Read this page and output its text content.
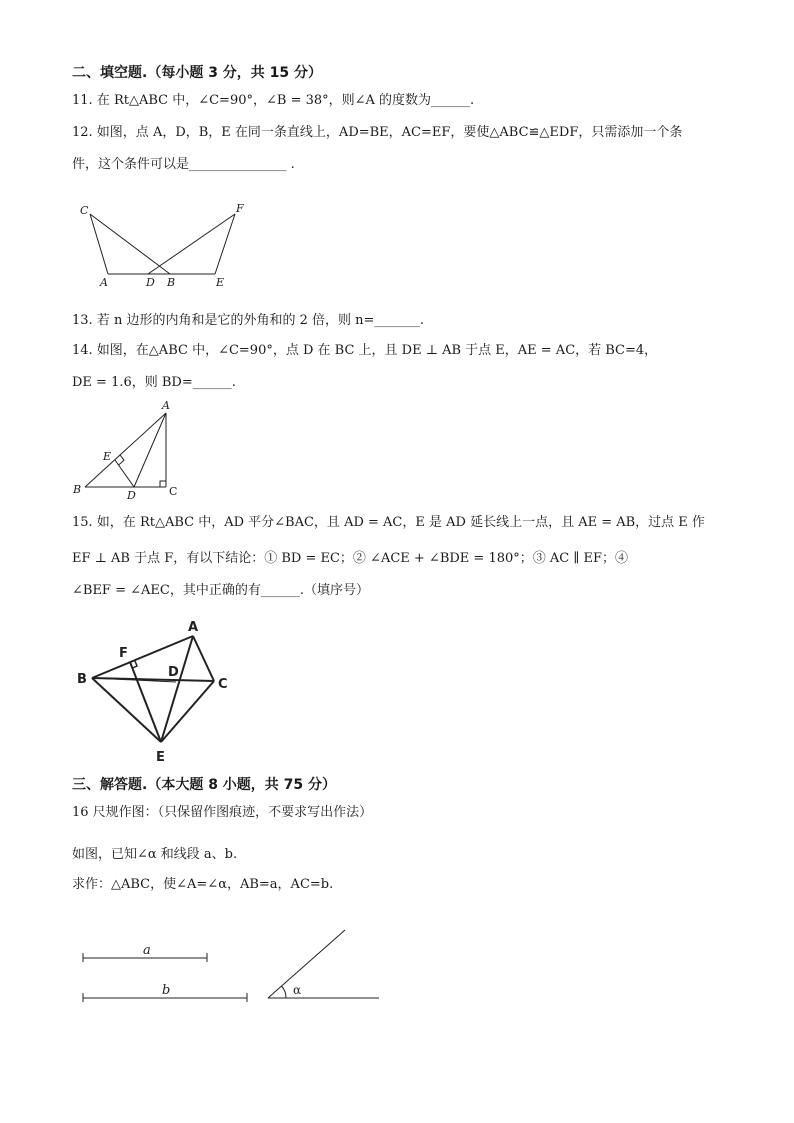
二、填空题.（每小题 3 分，共 15 分）
11. 在 Rt△ABC 中，∠C=90°，∠B = 38°，则∠A 的度数为______.
12. 如图，点 A，D，B，E 在同一条直线上，AD=BE，AC=EF，要使△ABC≌△EDF，只需添加一个条
件，这个条件可以是_______________ .
C	F
A	D B	E
A
E
B	D	C
A
F
D
B	C
E
a
b	α
13. 若 n 边形的内角和是它的外角和的 2 倍，则 n=_______.
14. 如图，在△ABC 中，∠C=90°，点 D 在 BC 上，且 DE ⊥ AB 于点 E，AE = AC，若 BC=4，
DE = 1.6，则 BD=______.
15. 如，在 Rt△ABC 中，AD 平分∠BAC，且 AD = AC，E 是 AD 延长线上一点，且 AE = AB，过点 E 作
EF ⊥ AB 于点 F，有以下结论：① BD = EC；② ∠ACE + ∠BDE = 180°；③ AC ∥ EF；④
∠BEF = ∠AEC，其中正确的有______.（填序号）
三、解答题.（本大题 8 小题，共 75 分）
16 尺规作图：（只保留作图痕迹，不要求写出作法）
如图，已知∠α 和线段 a、b.
求作：△ABC，使∠A=∠α，AB=a，AC=b.
